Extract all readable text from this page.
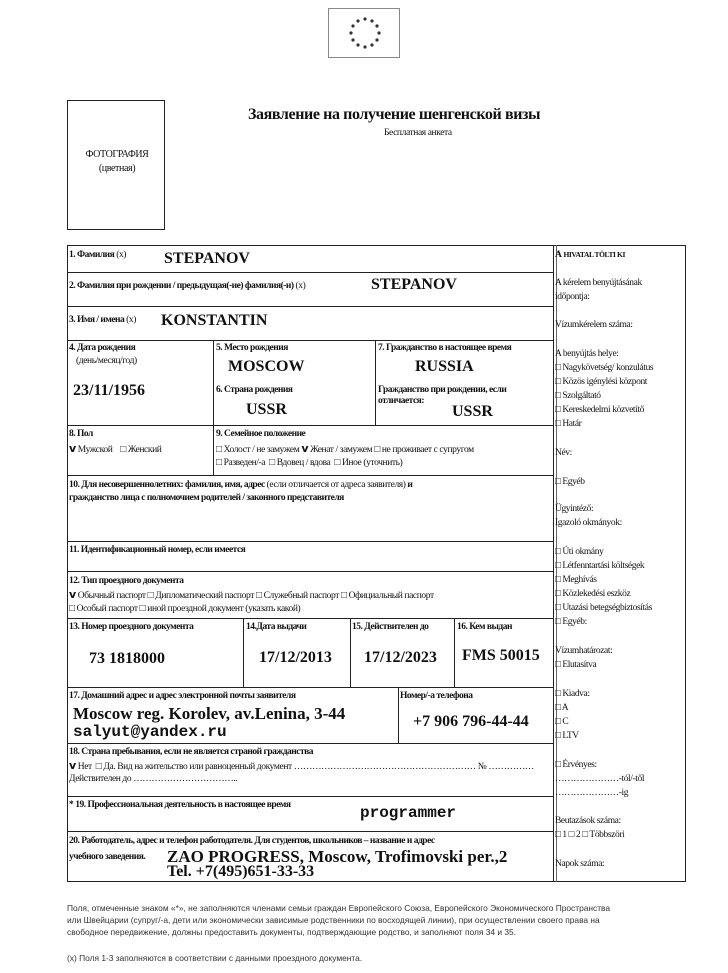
ФОТОГРАФИЯ
(цветная)
Заявление на получение шенгенской визы
Бесплатная анкета
1. Фамилия (x) STEPANOV
2. Фамилия при рождении / предыдущая(-ие) фамилия(-и) (x)	STEPANOV
3. Имя / имена (x) KONSTANTIN
4. Дата рождения
(день/месяц/год)
23/11/1956
5. Место рождения
MOSCOW
6. Страна рождения
USSR
7. Гражданство в настоящее время
RUSSIA
Гражданство при рождении, если отличается:
USSR
8. Пол
v Мужской □ Женский
9. Семейное положение
□ Холост / не замужем v Женат / замужем □ не проживает с супругом
□ Разведен/-а □ Вдовец / вдова □ Иное (уточнить)
10. Для несовершеннолетних: фамилия, имя, адрес (если отличается от адреса заявителя) и
гражданство лица с полномочием родителей / законного представителя
11. Идентификационный номер, если имеется
12. Тип проездного документа
v Обычный паспорт □ Дипломатический паспорт □ Служебный паспорт □ Официальный паспорт
□ Особый паспорт □ иной проездной документ (указать какой)
13. Номер проездного документа
73 1818000
14.Дата выдачи
17/12/2013
15. Действителен до
17/12/2023
16. Кем выдан
FMS 50015
17. Домашний адрес и адрес электронной почты заявителя
Moscow reg. Korolev, av.Lenina, 3-44
salyut@yandex.ru
Номер/-а телефона
+7 906 796-44-44
18. Страна пребывания, если не является страной гражданства
v Нет □ Да. Вид на жительство или равноценный документ …………………………………………………… № ……………
Действителен до ……………………………..
* 19. Профессиональная деятельность в настоящее время	programmer
20. Работодатель, адрес и телефон работодателя. Для студентов, школьников – название и адрес
учебного заведения. ZAO PROGRESS, Moscow, Trofimovski per.,2
Tel. +7(495)651-33-33
A HIVATAL TÖLTI KI
A kérelem benyújtásának
időpontja:
Vízumkérelem száma:
A benyújtás helye:
□ Nagykövetség/ konzulátus
□ Közös igénylési központ
□ Szolgáltató
□ Kereskedelmi közvetítő
□ Határ
Név:
□ Egyéb
Ügyintéző:
Igazoló okmányok:
□ Úti okmány
□ Létfenntartási költségek
□ Meghívás
□ Közlekedési eszköz
□ Utazási betegségbiztosítás
□ Egyéb:
Vízumhatározat:
□ Elutasítva
□ Kiadva:
□ A
□ C
□ LTV
□ Érvényes:
…………………-tól/-től
…………………-ig
Beutazások száma:
□ 1 □ 2 □ Többszöri
Napok száma:
Поля, отмеченные знаком «*», не заполняются членами семьи граждан Европейского Союза, Европейского Экономического Пространства
или Швейцарии (супруг/-а, дети или экономически зависимые родственники по восходящей линии), при осуществлении своего права на
свободное передвижение, должны предоставить документы, подтверждающие родство, и заполняют поля 34 и 35.
(x) Поля 1-3 заполняются в соответствии с данными проездного документа.
